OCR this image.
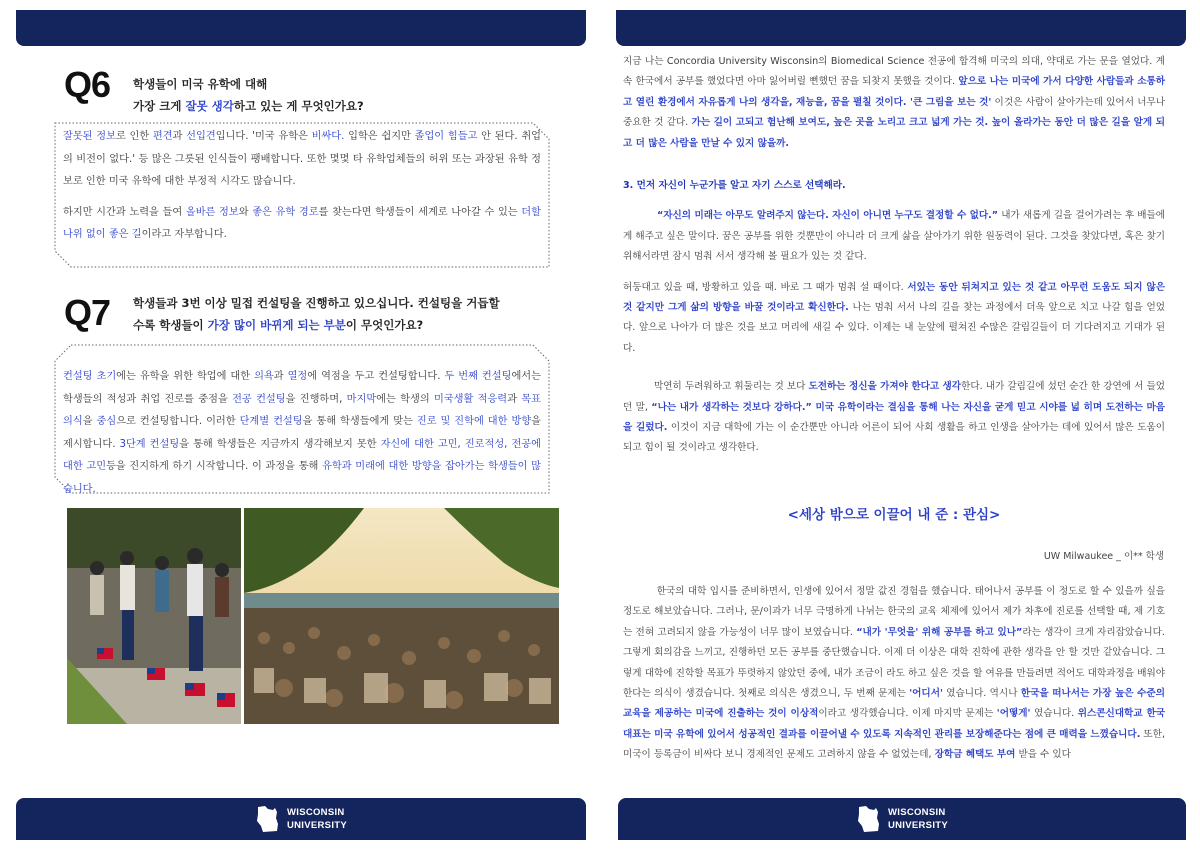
Q6 학생들이 미국 유학에 대해
가장 크게 잘못 생각하고 있는 게 무엇인가요?

잘못된 정보로 인한 편견과 선입견입니다. '미국 유학은 비싸다. 입학은 쉽지만 졸업이 힘들고 안 된다. 취업의 비전이 없다.' 등 많은 그릇된 인식들이 팽배합니다. 또한 몇몇 타 유학업체들의 허위 또는 과장된 유학 정보로 인한 미국 유학에 대한 부정적 시각도 많습니다.

하지만 시간과 노력을 들여 올바른 정보와 좋은 유학 경로를 찾는다면 학생들이 세계로 나아갈 수 있는 더할 나위 없이 좋은 길이라고 자부합니다.

Q7 학생들과 3번 이상 밀접 컨설팅을 진행하고 있으십니다. 컨설팅을 거듭할
수록 학생들이 가장 많이 바뀌게 되는 부분이 무엇인가요?

컨설팅 초기에는 유학을 위한 학업에 대한 의욕과 열정에 역점을 두고 컨설팅합니다. 두 번째 컨설팅에서는 학생들의 적성과 취업 진로를 중점을 전공 컨설팅을 진행하며, 마지막에는 학생의 미국생활 적응력과 목표 의식을 중심으로 컨설팅합니다. 이러한 단계별 컨설팅을 통해 학생들에게 맞는 진로 및 진학에 대한 방향을 제시합니다. 3단계 컨설팅을 통해 학생들은 지금까지 생각해보지 못한 자신에 대한 고민, 진로적성, 전공에 대한 고민등을 진지하게 하기 시작합니다. 이 과정을 통해 유학과 미래에 대한 방향을 잡아가는 학생들이 많습니다.

WISCONSIN
UNIVERSITY
WISCONSIN
UNIVERSITY

지금 나는 Concordia University Wisconsin의 Biomedical Science 전공에 합격해 미국의 의대, 약대로 가는 문을 열었다. 계속 한국에서 공부를 했었다면 아마 잃어버릴 뻔했던 꿈을 되찾지 못했을 것이다. 앞으로 나는 미국에 가서 다양한 사람들과 소통하고 열린 환경에서 자유롭게 나의 생각을, 재능을, 꿈을 펼칠 것이다. '큰 그림을 보는 것' 이것은 사람이 살아가는데 있어서 너무나 중요한 것 같다. 가는 길이 고되고 험난해 보여도, 높은 곳을 노리고 크고 넓게 가는 것. 높이 올라가는 동안 더 많은 길을 알게 되고 더 많은 사람을 만날 수 있지 않을까.

3. 먼저 자신이 누군가를 알고 자기 스스로 선택해라.

“자신의 미래는 아무도 알려주지 않는다. 자신이 아니면 누구도 결정할 수 없다.” 내가 새롭게 길을 걸어가려는 후 배들에게 해주고 싶은 말이다. 꿈은 공부를 위한 것뿐만이 아니라 더 크게 삶을 살아가기 위한 원동력이 된다. 그것을 찾았다면, 혹은 찾기 위해서라면 잠시 멈춰 서서 생각해 볼 필요가 있는 것 같다.

허둥대고 있을 때, 방황하고 있을 때. 바로 그 때가 멈춰 설 때이다. 서있는 동안 뒤쳐지고 있는 것 같고 아무런 도움도 되지 않은 것 같지만 그게 삶의 방향을 바꿀 것이라고 확신한다. 나는 멈춰 서서 나의 길을 찾는 과정에서 더욱 앞으로 치고 나갈 힘을 얻었다. 앞으로 나아가 더 많은 것을 보고 머리에 새길 수 있다. 이제는 내 눈앞에 펼쳐진 수많은 갈림길들이 더 기다려지고 기대가 된다.

막연히 두려워하고 휘둘리는 것 보다 도전하는 정신을 가져야 한다고 생각한다. 내가 갈림길에 섰던 순간 한 강연에 서 들었던 말, “나는 내가 생각하는 것보다 강하다.” 미국 유학이라는 결심을 통해 나는 자신을 굳게 믿고 시야를 넓 히며 도전하는 마음을 길렀다. 이것이 지금 대학에 가는 이 순간뿐만 아니라 어른이 되어 사회 생활을 하고 인생을 살아가는 데에 있어서 많은 도움이 되고 힘이 될 것이라고 생각한다.

<세상 밖으로 이끌어 내 준 : 관심>
UW Milwaukee _ 이** 학생

한국의 대학 입시를 준비하면서, 인생에 있어서 정말 값진 경험을 했습니다. 태어나서 공부를 이 정도로 할 수 있을까 싶을 정도로 해보았습니다. 그러나, 문/이과가 너무 극명하게 나뉘는 한국의 교육 체제에 있어서 제가 차후에 진로를 선택할 때, 제 기호는 전혀 고려되지 않을 가능성이 너무 많이 보였습니다. “내가 '무엇을' 위해 공부를 하고 있나”라는 생각이 크게 자리잡았습니다. 그렇게 회의감을 느끼고, 진행하던 모든 공부를 중단했습니다. 이제 더 이상은 대학 진학에 관한 생각을 안 할 것만 같았습니다. 그렇게 대학에 진학할 목표가 뚜렷하지 않았던 중에, 내가 조금이 라도 하고 싶은 것을 할 여유를 만들려면 적어도 대학과정을 배워야 한다는 의식이 생겼습니다. 첫째로 의식은 생겼으니, 두 번째 문제는 '어디서' 였습니다. 역시나 한국을 떠나서는 가장 높은 수준의 교육을 제공하는 미국에 진출하는 것이 이상적이라고 생각했습니다. 이제 마지막 문제는 '어떻게' 였습니다. 위스콘신대학교 한국대표는 미국 유학에 있어서 성공적인 결과를 이끌어낼 수 있도록 지속적인 관리를 보장해준다는 점에 큰 매력을 느꼈습니다. 또한, 미국이 등록금이 비싸다 보니 경제적인 문제도 고려하지 않을 수 없었는데, 장학금 혜택도 부여 받을 수 있다
